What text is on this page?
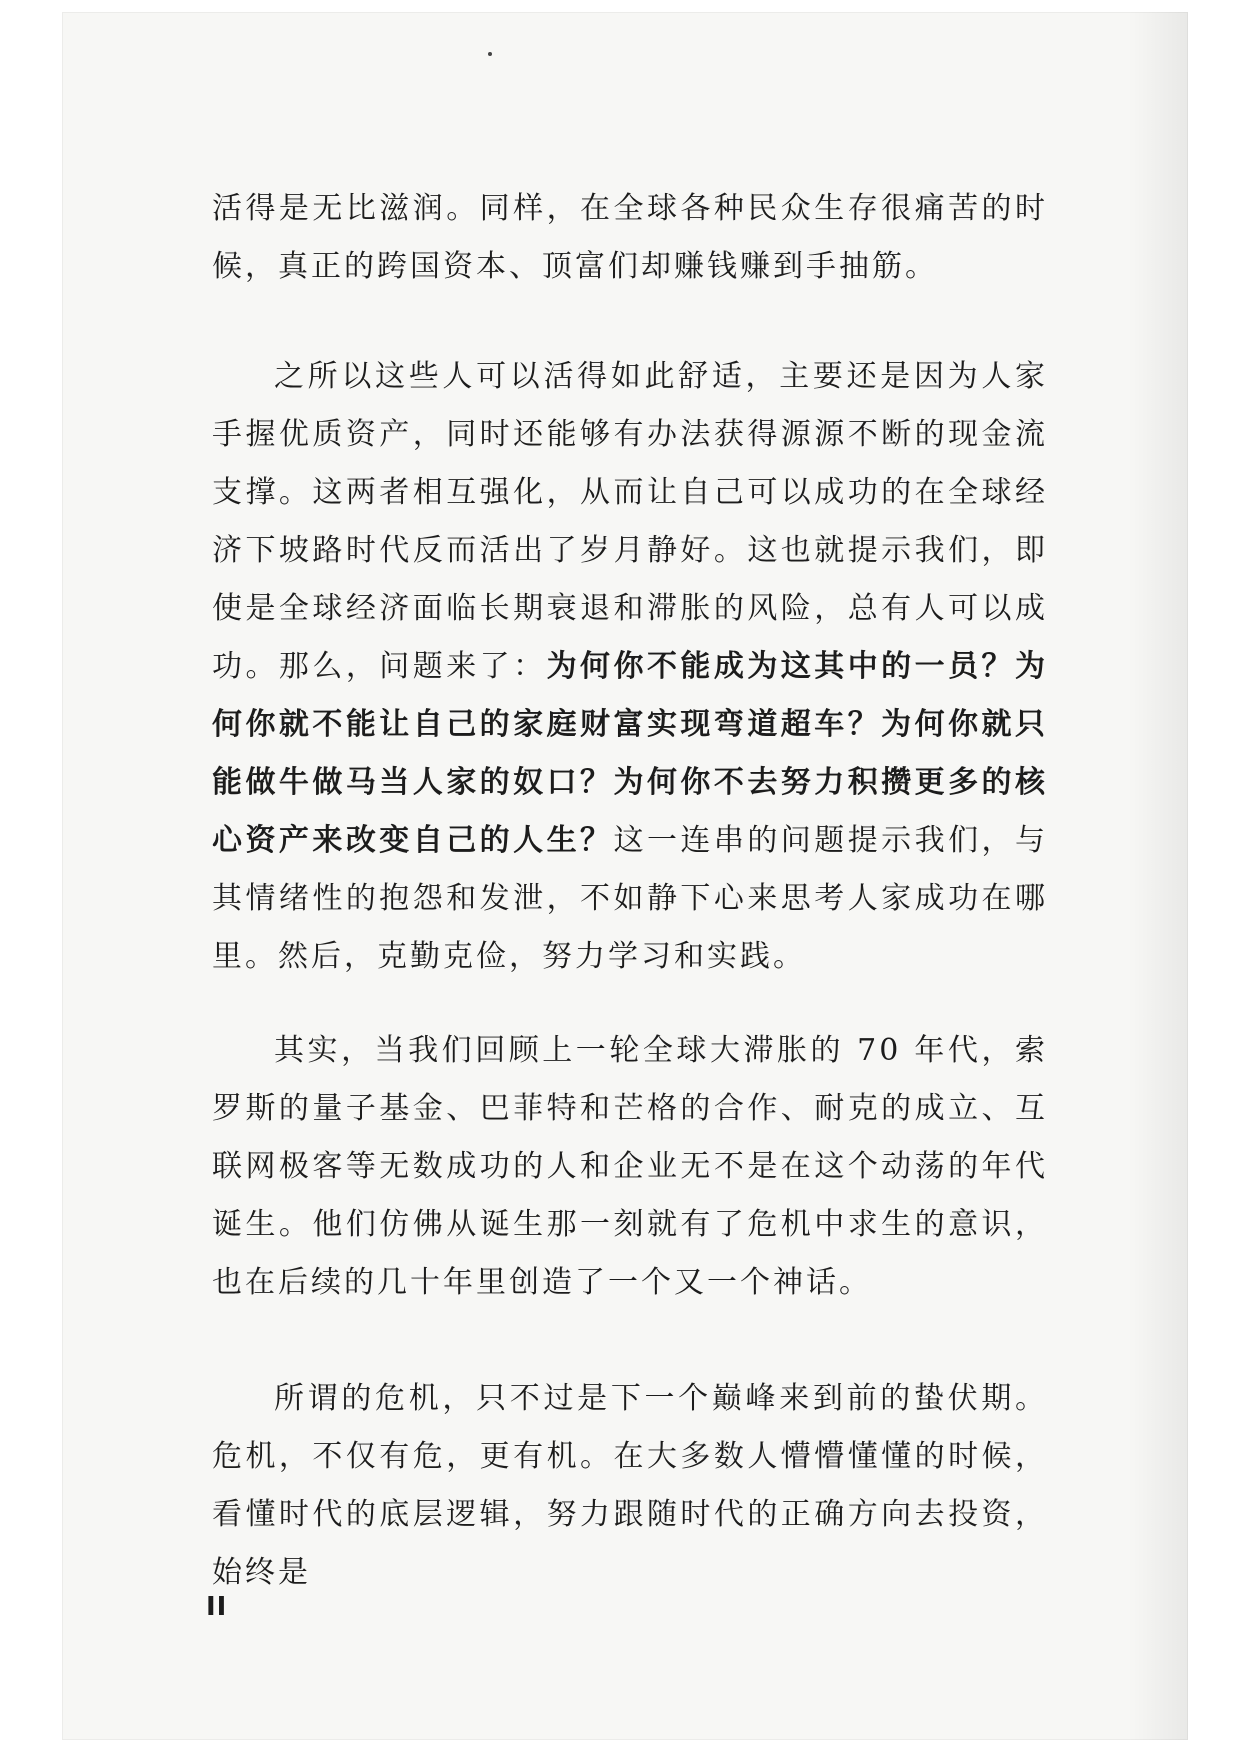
活得是无比滋润。同样，在全球各种民众生存很痛苦的时候，真正的跨国资本、顶富们却赚钱赚到手抽筋。

之所以这些人可以活得如此舒适，主要还是因为人家手握优质资产，同时还能够有办法获得源源不断的现金流支撑。这两者相互强化，从而让自己可以成功的在全球经济下坡路时代反而活出了岁月静好。这也就提示我们，即使是全球经济面临长期衰退和滞胀的风险，总有人可以成功。那么，问题来了：为何你不能成为这其中的一员？为何你就不能让自己的家庭财富实现弯道超车？为何你就只能做牛做马当人家的奴口？为何你不去努力积攒更多的核心资产来改变自己的人生？这一连串的问题提示我们，与其情绪性的抱怨和发泄，不如静下心来思考人家成功在哪里。然后，克勤克俭，努力学习和实践。

其实，当我们回顾上一轮全球大滞胀的 70 年代，索罗斯的量子基金、巴菲特和芒格的合作、耐克的成立、互联网极客等无数成功的人和企业无不是在这个动荡的年代诞生。他们仿佛从诞生那一刻就有了危机中求生的意识，也在后续的几十年里创造了一个又一个神话。

所谓的危机，只不过是下一个巅峰来到前的蛰伏期。危机，不仅有危，更有机。在大多数人懵懵懂懂的时候，看懂时代的底层逻辑，努力跟随时代的正确方向去投资，始终是

II
